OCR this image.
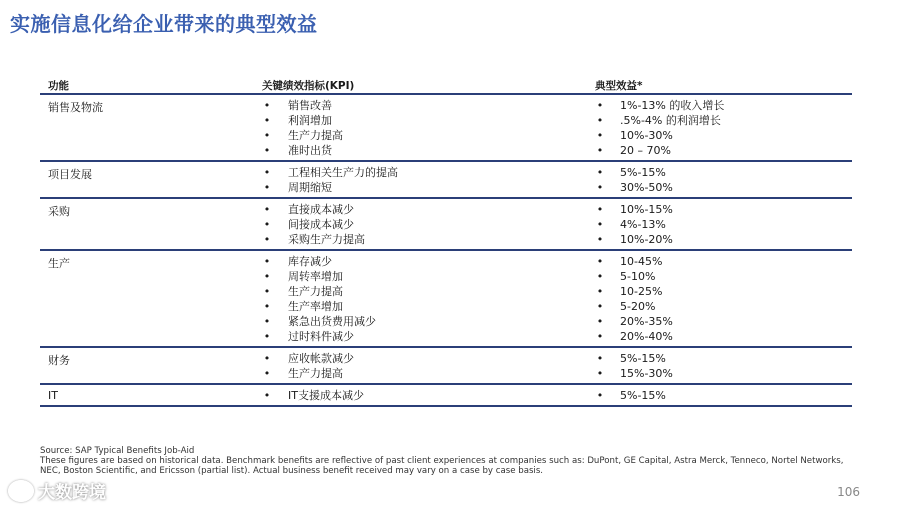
实施信息化给企业带来的典型效益
功能	关键绩效指标(KPI)	典型效益*
销售及物流	• 销售改善	• 1%-13% 的收入增长
• 利润增加	• .5%-4% 的利润增长
• 生产力提高	• 10%-30%
• 准时出货	• 20 – 70%
项目发展	• 工程相关生产力的提高	• 5%-15%
• 周期缩短	• 30%-50%
采购	• 直接成本减少	• 10%-15%
• 间接成本减少	• 4%-13%
• 采购生产力提高	• 10%-20%
生产	• 库存减少	• 10-45%
• 周转率增加	• 5-10%
• 生产力提高	• 10-25%
• 生产率增加	• 5-20%
• 紧急出货费用减少	• 20%-35%
• 过时料件减少	• 20%-40%
财务	• 应收帐款减少	• 5%-15%
• 生产力提高	• 15%-30%
IT	• IT支援成本减少	• 5%-15%
Source: SAP Typical Benefits Job-Aid
These figures are based on historical data. Benchmark benefits are reflective of past client experiences at companies such as: DuPont, GE Capital, Astra Merck, Tenneco, Nortel Networks, NEC, Boston Scientific, and Ericsson (partial list). Actual business benefit received may vary on a case by case basis.
106
大数跨境
